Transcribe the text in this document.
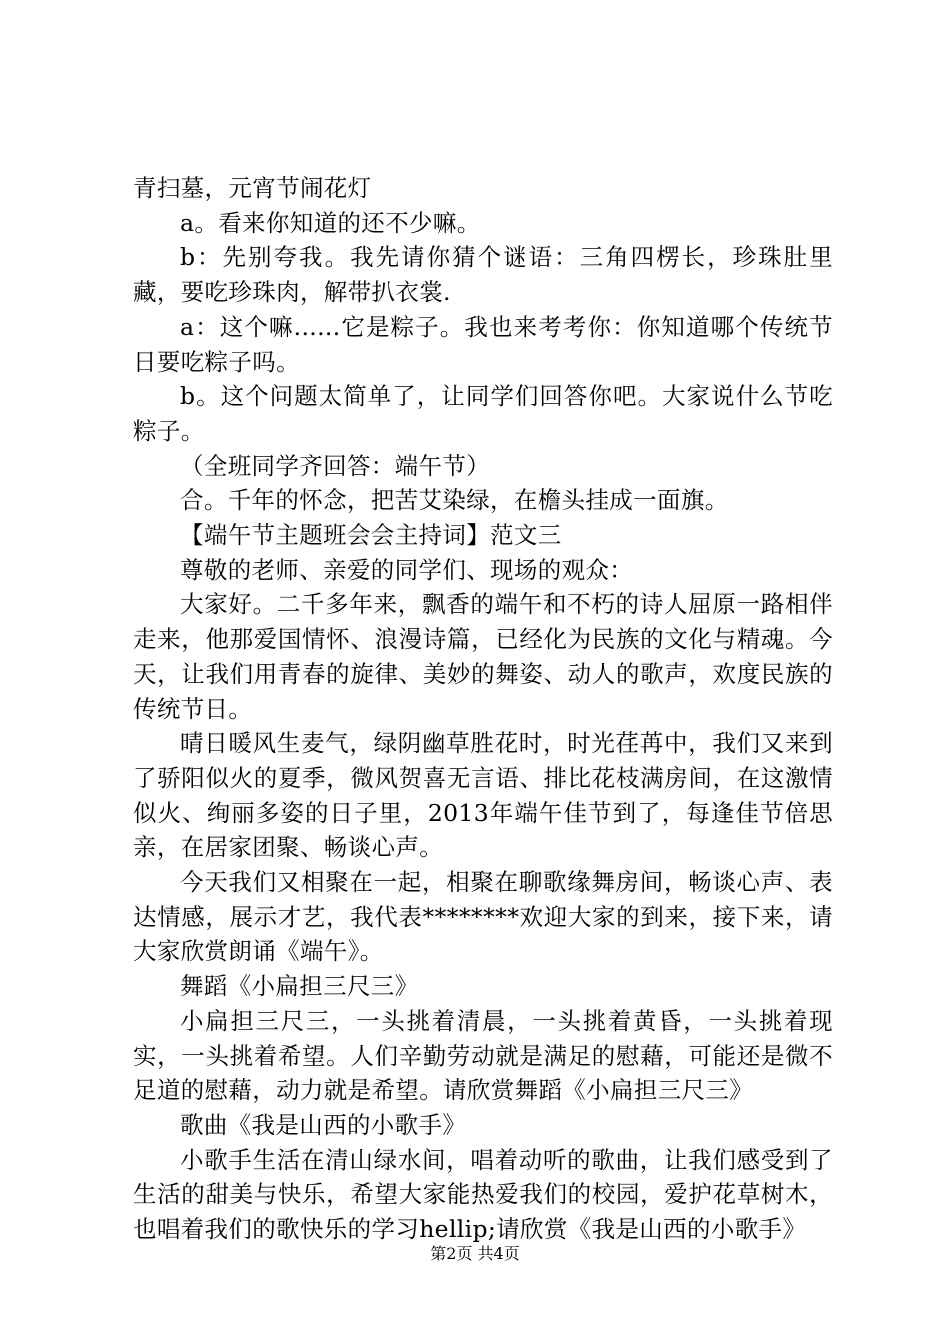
青扫墓，元宵节闹花灯

a。看来你知道的还不少嘛。

b：先别夸我。我先请你猜个谜语：三角四楞长，珍珠肚里藏，要吃珍珠肉，解带扒衣裳.

a：这个嘛......它是粽子。我也来考考你：你知道哪个传统节日要吃粽子吗。

b。这个问题太简单了，让同学们回答你吧。大家说什么节吃粽子。

（全班同学齐回答：端午节）

合。千年的怀念，把苦艾染绿，在檐头挂成一面旗。

【端午节主题班会会主持词】范文三

尊敬的老师、亲爱的同学们、现场的观众：

大家好。二千多年来，飘香的端午和不朽的诗人屈原一路相伴走来，他那爱国情怀、浪漫诗篇，已经化为民族的文化与精魂。今天，让我们用青春的旋律、美妙的舞姿、动人的歌声，欢度民族的传统节日。

晴日暖风生麦气，绿阴幽草胜花时，时光荏苒中，我们又来到了骄阳似火的夏季，微风贺喜无言语、排比花枝满房间，在这激情似火、绚丽多姿的日子里，2013年端午佳节到了，每逢佳节倍思亲，在居家团聚、畅谈心声。

今天我们又相聚在一起，相聚在聊歌缘舞房间，畅谈心声、表达情感，展示才艺，我代表********欢迎大家的到来，接下来，请大家欣赏朗诵《端午》。

舞蹈《小扁担三尺三》

小扁担三尺三，一头挑着清晨，一头挑着黄昏，一头挑着现实，一头挑着希望。人们辛勤劳动就是满足的慰藉，可能还是微不足道的慰藉，动力就是希望。请欣赏舞蹈《小扁担三尺三》

歌曲《我是山西的小歌手》

小歌手生活在清山绿水间，唱着动听的歌曲，让我们感受到了生活的甜美与快乐，希望大家能热爱我们的校园，爱护花草树木，也唱着我们的歌快乐的学习hellip;请欣赏《我是山西的小歌手》

第2页 共4页
